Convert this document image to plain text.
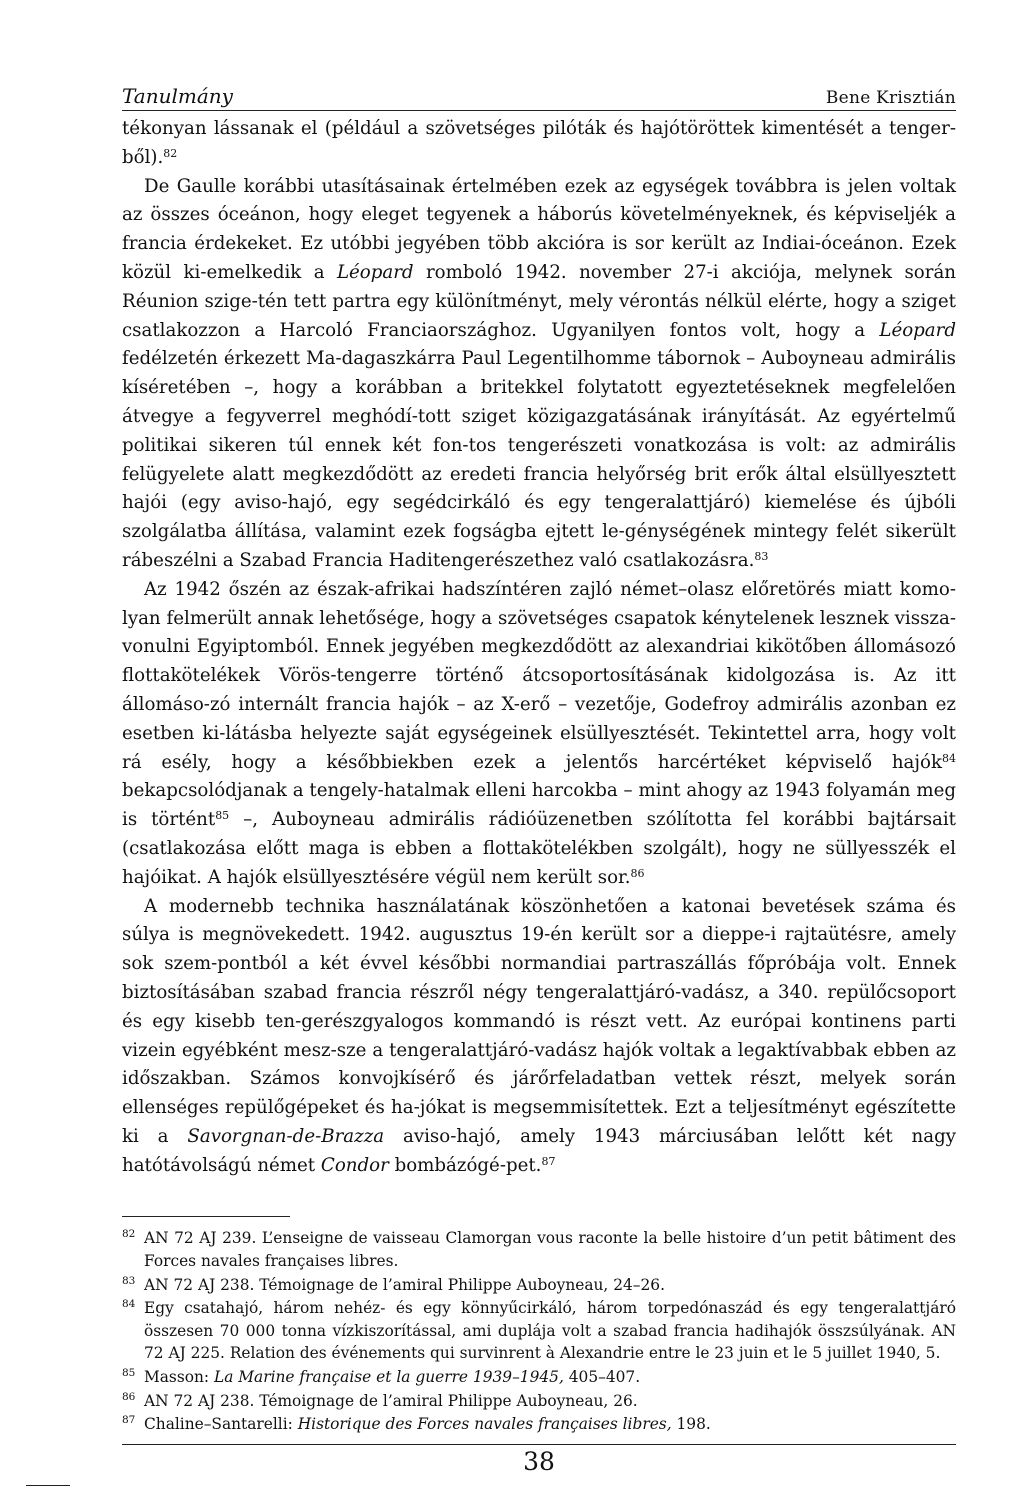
Tanulmány	Bene Krisztián

tékonyan lássanak el (például a szövetséges pilóták és hajótöröttek kimentését a tenger-ből).$^{82}$

De Gaulle korábbi utasításainak értelmében ezek az egységek továbbra is jelen voltak az összes óceánon, hogy eleget tegyenek a háborús követelményeknek, és képviseljék a francia érdekeket. Ez utóbbi jegyében több akcióra is sor került az Indiai-óceánon. Ezek közül ki-emelkedik a Léopard romboló 1942. november 27-i akciója, melynek során Réunion szige-tén tett partra egy különítményt, mely vérontás nélkül elérte, hogy a sziget csatlakozzon a Harcoló Franciaországhoz. Ugyanilyen fontos volt, hogy a Léopard fedélzetén érkezett Ma-dagaszkárra Paul Legentilhomme tábornok – Auboyneau admirális kíséretében –, hogy a korábban a britekkel folytatott egyeztetéseknek megfelelően átvegye a fegyverrel meghódí-tott sziget közigazgatásának irányítását. Az egyértelmű politikai sikeren túl ennek két fon-tos tengerészeti vonatkozása is volt: az admirális felügyelete alatt megkezdődött az eredeti francia helyőrség brit erők által elsüllyesztett hajói (egy aviso-hajó, egy segédcirkáló és egy tengeralattjáró) kiemelése és újbóli szolgálatba állítása, valamint ezek fogságba ejtett le-génységének mintegy felét sikerült rábeszélni a Szabad Francia Haditengerészethez való csatlakozásra.$^{83}$

Az 1942 őszén az észak-afrikai hadszíntéren zajló német–olasz előretörés miatt komo-lyan felmerült annak lehetősége, hogy a szövetséges csapatok kénytelenek lesznek vissza-vonulni Egyiptomból. Ennek jegyében megkezdődött az alexandriai kikötőben állomásozó flottakötelékek Vörös-tengerre történő átcsoportosításának kidolgozása is. Az itt állomáso-zó internált francia hajók – az X-erő – vezetője, Godefroy admirális azonban ez esetben ki-látásba helyezte saját egységeinek elsüllyesztését. Tekintettel arra, hogy volt rá esély, hogy a későbbiekben ezek a jelentős harcértéket képviselő hajók$^{84}$ bekapcsolódjanak a tengely-hatalmak elleni harcokba – mint ahogy az 1943 folyamán meg is történt$^{85}$ –, Auboyneau admirális rádióüzenetben szólította fel korábbi bajtársait (csatlakozása előtt maga is ebben a flottakötelékben szolgált), hogy ne süllyesszék el hajóikat. A hajók elsüllyesztésére végül nem került sor.$^{86}$

A modernebb technika használatának köszönhetően a katonai bevetések száma és súlya is megnövekedett. 1942. augusztus 19-én került sor a dieppe-i rajtaütésre, amely sok szem-pontból a két évvel későbbi normandiai partraszállás főpróbája volt. Ennek biztosításában szabad francia részről négy tengeralattjáró-vadász, a 340. repülőcsoport és egy kisebb ten-gerészgyalogos kommandó is részt vett. Az európai kontinens parti vizein egyébként mesz-sze a tengeralattjáró-vadász hajók voltak a legaktívabbak ebben az időszakban. Számos konvojkísérő és járőrfeladatban vettek részt, melyek során ellenséges repülőgépeket és ha-jókat is megsemmisítettek. Ezt a teljesítményt egészítette ki a Savorgnan-de-Brazza aviso-hajó, amely 1943 márciusában lelőtt két nagy hatótávolságú német Condor bombázógé-pet.$^{87}$

82 AN 72 AJ 239. L’enseigne de vaisseau Clamorgan vous raconte la belle histoire d’un petit bâtiment des Forces navales françaises libres.
83 AN 72 AJ 238. Témoignage de l’amiral Philippe Auboyneau, 24–26.
84 Egy csatahajó, három nehéz- és egy könnyűcirkáló, három torpedónaszád és egy tengeralattjáró összesen 70 000 tonna vízkiszorítással, ami duplája volt a szabad francia hadihajók összsúlyának. AN 72 AJ 225. Relation des événements qui survinrent à Alexandrie entre le 23 juin et le 5 juillet 1940, 5.
85 Masson: La Marine française et la guerre 1939–1945, 405–407.
86 AN 72 AJ 238. Témoignage de l’amiral Philippe Auboyneau, 26.
87 Chaline–Santarelli: Historique des Forces navales françaises libres, 198.
38
